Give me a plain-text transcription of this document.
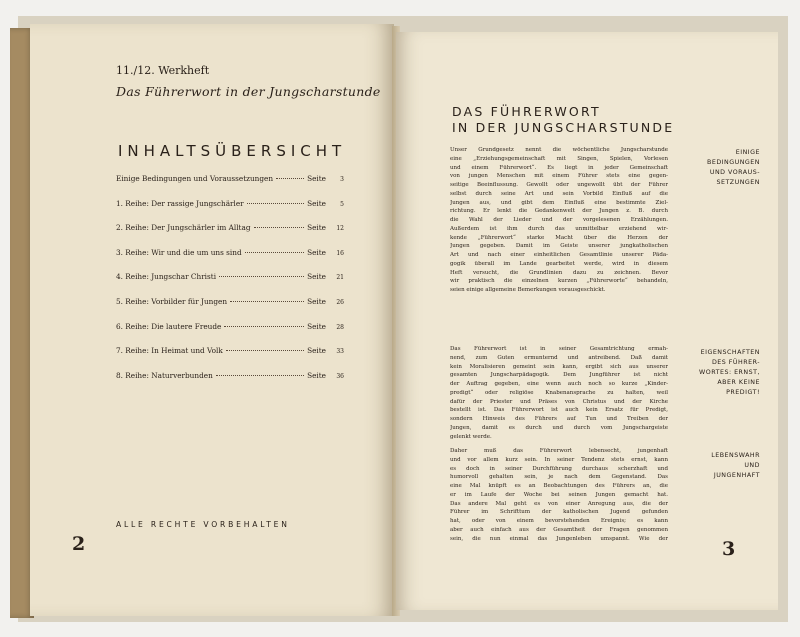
11./12. Werkheft
Das Führerwort in der Jungscharstunde
INHALTSÜBERSICHT
Einige Bedingungen und Voraussetzungen	Seite	3
1. Reihe: Der rassige Jungschärler	Seite	5
2. Reihe: Der Jungschärler im Alltag	Seite	12
3. Reihe: Wir und die um uns sind	Seite	16
4. Reihe: Jungschar Christi	Seite	21
5. Reihe: Vorbilder für Jungen	Seite	26
6. Reihe: Die lautere Freude	Seite	28
7. Reihe: In Heimat und Volk	Seite	33
8. Reihe: Naturverbunden	Seite	36
ALLE RECHTE VORBEHALTEN
2
DAS FÜHRERWORT
IN DER JUNGSCHARSTUNDE
Unser Grundgesetz nennt die wöchentliche Jungscharstunde
eine „Erziehungsgemeinschaft mit Singen, Spielen, Vorlesen
und einem Führerwort“. Es liegt in jeder Gemeinschaft
von jungen Menschen mit einem Führer stets eine gegen-
seitige Beeinflussung. Gewollt oder ungewollt übt der Führer
selbst durch seine Art und sein Vorbild Einfluß auf die
Jungen aus, und gibt dem Einfluß eine bestimmte Ziel-
richtung. Er lenkt die Gedankenwelt der Jungen z. B. durch
die Wahl der Lieder und der vorgelesenen Erzählungen.
Außerdem ist ihm durch das unmittelbar erziehend wir-
kende „Führerwort“ starke Macht über die Herzen der
Jungen gegeben. Damit im Geiste unserer jungkatholischen
Art und nach einer einheitlichen Gesamtlinie unserer Päda-
gogik überall im Lande gearbeitet werde, wird in diesem
Heft versucht, die Grundlinien dazu zu zeichnen. Bevor
wir praktisch die einzelnen kurzen „Führerworte“ behandeln,
seien einige allgemeine Bemerkungen vorausgeschickt.
Das Führerwort ist in seiner Gesamtrichtung ermah-
nend, zum Guten ermunternd und antreibend. Daß damit
kein Moralisieren gemeint sein kann, ergibt sich aus unserer
gesamten Jungscharpädagogik. Dem Jungführer ist nicht
der Auftrag gegeben, eine wenn auch noch so kurze „Kinder-
predigt“ oder religiöse Knabenansprache zu halten, weil
dafür der Priester und Präses von Christus und der Kirche
bestellt ist. Das Führerwort ist auch kein Ersatz für Predigt,
sondern Hinweis des Führers auf Tun und Treiben der
Jungen, damit es durch und durch vom Jungschargeiste
gelenkt werde.
Daher muß das Führerwort lebensecht, jungenhaft
und vor allem kurz sein. In seiner Tendenz stets ernst, kann
es doch in seiner Durchführung durchaus scherzhaft und
humorvoll gehalten sein, je nach dem Gegenstand. Das
eine Mal knüpft es an Beobachtungen des Führers an, die
er im Laufe der Woche bei seinen Jungen gemacht hat.
Das andere Mal geht es von einer Anregung aus, die der
Führer im Schrifttum der katholischen Jugend gefunden
hat, oder von einem bevorstehenden Ereignis; es kann
aber auch einfach aus der Gesamtheit der Fragen genommen
sein, die nun einmal das Jungenleben umspannt. Wie der
EINIGE
BEDINGUNGEN
UND VORAUS-
SETZUNGEN
EIGENSCHAFTEN
DES FÜHRER-
WORTES: ERNST,
ABER KEINE
PREDIGT!
LEBENSWAHR
UND
JUNGENHAFT
3
